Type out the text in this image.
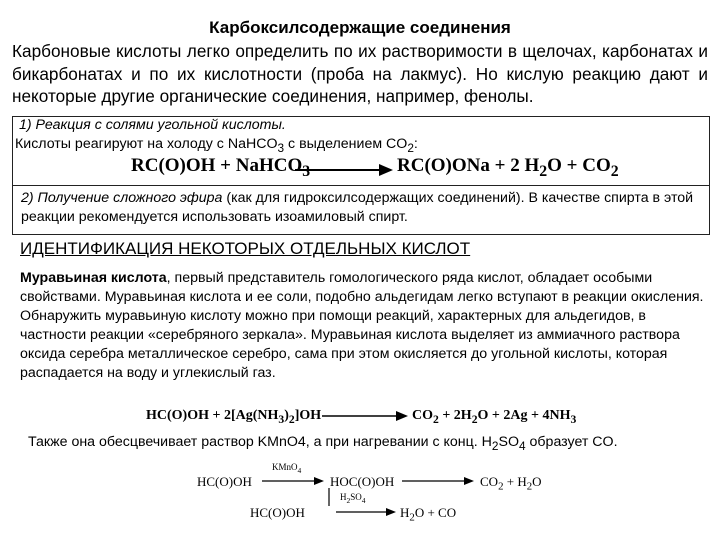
Карбоксилсодержащие соединения
Карбоновые кислоты легко определить по их растворимости в щелочах, карбонатах и бикарбонатах и по их кислотности (проба на лакмус). Но кислую реакцию дают и некоторые другие органические соединения, например, фенолы.
1) Реакция с солями угольной кислоты.
Кислоты реагируют на холоду с NaHCO$_3$ с выделением $CO_2$:
RC(O)OH + NaHCO$_3$	RC(O)ONa + 2 $H_2O + CO_2$
2) Получение сложного эфира (как для гидроксилсодержащих соединений). В качестве спирта в этой реакции рекомендуется использовать изоамиловый спирт.
ИДЕНТИФИКАЦИЯ НЕКОТОРЫХ ОТДЕЛЬНЫХ КИСЛОТ
Муравьиная кислота, первый представитель гомологического ряда кислот, обладает особыми свойствами. Муравьиная кислота и ее соли, подобно альдегидам легко вступают в реакции окисления. Обнаружить муравьиную кислоту можно при помощи реакций, характерных для альдегидов, в частности реакции «серебряного зеркала». Муравьиная кислота выделяет из аммиачного раствора оксида серебра металлическое серебро, сама при этом окисляется до угольной кислоты, которая распадается на воду и углекислый газ.
$HC(O)OH + 2[Ag(NH_3)_2]OH$	$CO_2 + 2H_2O + 2Ag + 4NH_3$
Также она обесцвечивает раствор KMnO4, а при нагревании с конц. $H_2SO_4$ образует CO.
HC(O)OH
KMnO$_4$
HOC(O)OH	$CO_2 + H_2O$
HC(O)OH
$H_2SO_4$
$H_2O$ + CO
